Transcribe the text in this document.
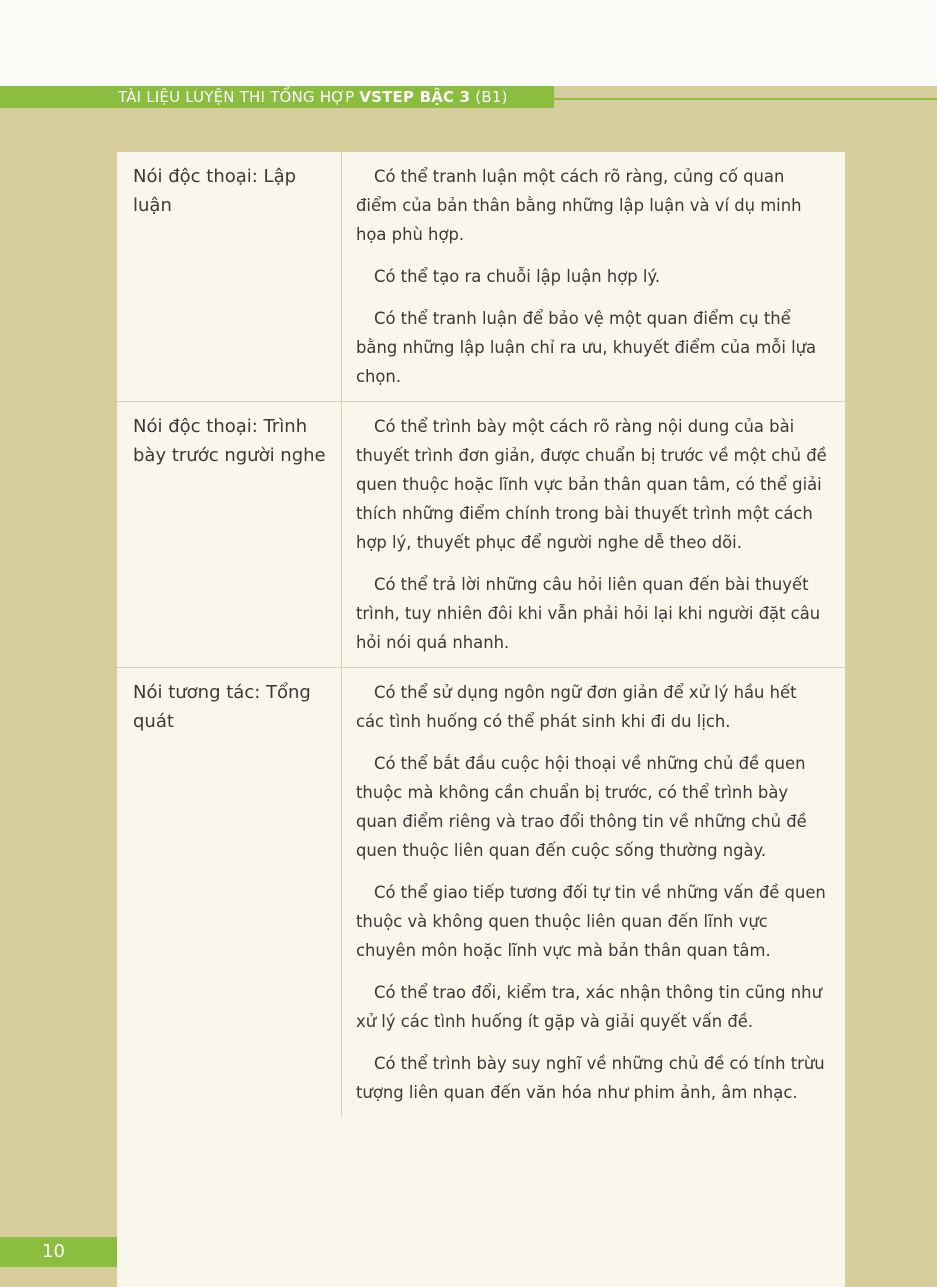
TÀI LIỆU LUYỆN THI TỔNG HỢP VSTEP BẬC 3 (B1)
Nói độc thoại: Lập luận

Có thể tranh luận một cách rõ ràng, củng cố quan điểm của bản thân bằng những lập luận và ví dụ minh họa phù hợp.

Có thể tạo ra chuỗi lập luận hợp lý.

Có thể tranh luận để bảo vệ một quan điểm cụ thể bằng những lập luận chỉ ra ưu, khuyết điểm của mỗi lựa chọn.

Nói độc thoại: Trình bày trước người nghe

Có thể trình bày một cách rõ ràng nội dung của bài thuyết trình đơn giản, được chuẩn bị trước về một chủ đề quen thuộc hoặc lĩnh vực bản thân quan tâm, có thể giải thích những điểm chính trong bài thuyết trình một cách hợp lý, thuyết phục để người nghe dễ theo dõi.

Có thể trả lời những câu hỏi liên quan đến bài thuyết trình, tuy nhiên đôi khi vẫn phải hỏi lại khi người đặt câu hỏi nói quá nhanh.

Nói tương tác: Tổng quát

Có thể sử dụng ngôn ngữ đơn giản để xử lý hầu hết các tình huống có thể phát sinh khi đi du lịch.

Có thể bắt đầu cuộc hội thoại về những chủ đề quen thuộc mà không cần chuẩn bị trước, có thể trình bày quan điểm riêng và trao đổi thông tin về những chủ đề quen thuộc liên quan đến cuộc sống thường ngày.

Có thể giao tiếp tương đối tự tin về những vấn đề quen thuộc và không quen thuộc liên quan đến lĩnh vực chuyên môn hoặc lĩnh vực mà bản thân quan tâm.

Có thể trao đổi, kiểm tra, xác nhận thông tin cũng như xử lý các tình huống ít gặp và giải quyết vấn đề.

Có thể trình bày suy nghĩ về những chủ đề có tính trừu tượng liên quan đến văn hóa như phim ảnh, âm nhạc.

10
